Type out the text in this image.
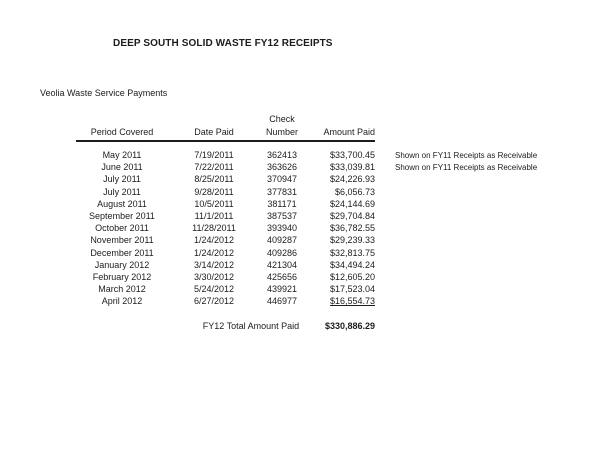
DEEP SOUTH SOLID WASTE FY12 RECEIPTS
Veolia Waste Service Payments
Check
Period Covered	Date Paid	Number	Amount Paid
May 2011	7/19/2011	362413	$33,700.45	Shown on FY11 Receipts as Receivable
June 2011	7/22/2011	363626	$33,039.81	Shown on FY11 Receipts as Receivable
July 2011	8/25/2011	370947	$24,226.93
July 2011	9/28/2011	377831	$6,056.73
August 2011	10/5/2011	381171	$24,144.69
September 2011	11/1/2011	387537	$29,704.84
October 2011	11/28/2011	393940	$36,782.55
November 2011	1/24/2012	409287	$29,239.33
December 2011	1/24/2012	409286	$32,813.75
January 2012	3/14/2012	421304	$34,494.24
February 2012	3/30/2012	425656	$12,605.20
March 2012	5/24/2012	439921	$17,523.04
April 2012	6/27/2012	446977	$16,554.73
FY12 Total Amount Paid	$330,886.29
